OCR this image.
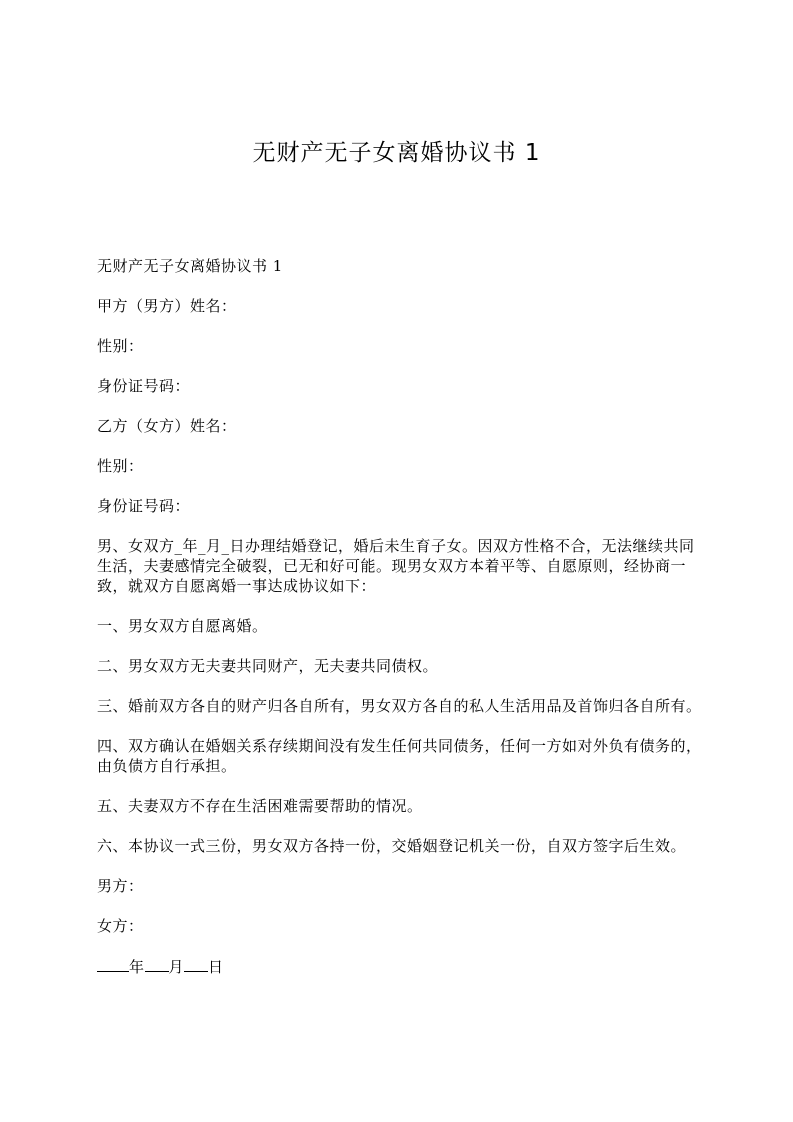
无财产无子女离婚协议书 1

无财产无子女离婚协议书 1

甲方（男方）姓名：

性别：

身份证号码：

乙方（女方）姓名：

性别：

身份证号码：

男、女双方_年_月_日办理结婚登记，婚后未生育子女。因双方性格不合，无法继续共同生活，夫妻感情完全破裂，已无和好可能。现男女双方本着平等、自愿原则，经协商一致，就双方自愿离婚一事达成协议如下：

一、男女双方自愿离婚。

二、男女双方无夫妻共同财产，无夫妻共同债权。

三、婚前双方各自的财产归各自所有，男女双方各自的私人生活用品及首饰归各自所有。

四、双方确认在婚姻关系存续期间没有发生任何共同债务，任何一方如对外负有债务的，由负债方自行承担。

五、夫妻双方不存在生活困难需要帮助的情况。

六、本协议一式三份，男女双方各持一份，交婚姻登记机关一份，自双方签字后生效。

男方：

女方：

年 月 日
